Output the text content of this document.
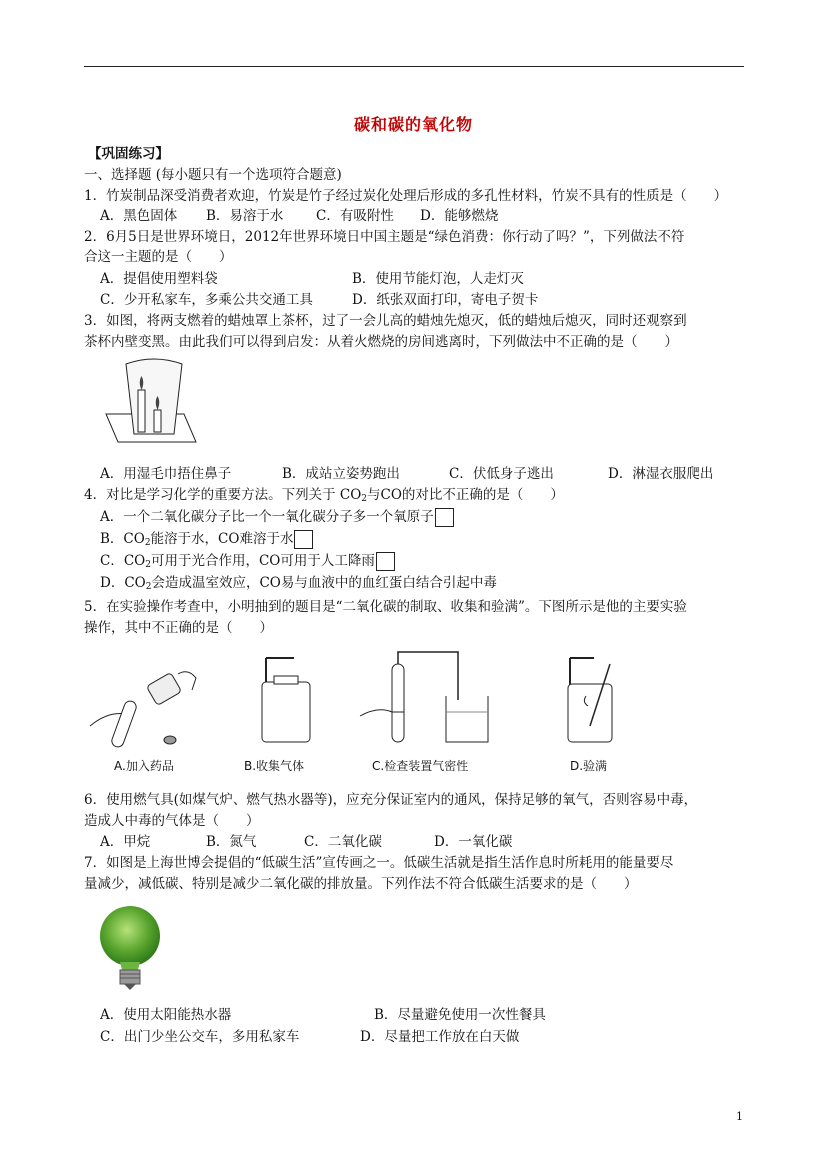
碳和碳的氧化物
【巩固练习】
一、选择题 (每小题只有一个选项符合题意)
1．竹炭制品深受消费者欢迎，竹炭是竹子经过炭化处理后形成的多孔性材料，竹炭不具有的性质是（　　）
A．黑色固体 B．易溶于水 C．有吸附性 D．能够燃烧
2．6月5日是世界环境日，2012年世界环境日中国主题是“绿色消费：你行动了吗？”，下列做法不符
合这一主题的是（　　）
A．提倡使用塑料袋	B．使用节能灯泡，人走灯灭
C．少开私家车，多乘公共交通工具	D．纸张双面打印，寄电子贺卡
3．如图，将两支燃着的蜡烛罩上茶杯，过了一会儿高的蜡烛先熄灭，低的蜡烛后熄灭，同时还观察到
茶杯内壁变黑。由此我们可以得到启发：从着火燃烧的房间逃离时，下列做法中不正确的是（　　）
A．用湿毛巾捂住鼻子	B．成站立姿势跑出	C．伏低身子逃出	D．淋湿衣服爬出
4．对比是学习化学的重要方法。下列关于 $CO_2$与CO的对比不正确的是（　　）
A．一个二氧化碳分子比一个一氧化碳分子多一个氧原子
B．$CO_2$能溶于水，CO难溶于水
C．$CO_2$可用于光合作用，CO可用于人工降雨
D．$CO_2$会造成温室效应，CO易与血液中的血红蛋白结合引起中毒
5．在实验操作考查中，小明抽到的题目是“二氧化碳的制取、收集和验满”。下图所示是他的主要实验
操作，其中不正确的是（　　）
A.加入药品	B.收集气体	C.检查装置气密性	D.验满
6．使用燃气具(如煤气炉、燃气热水器等)，应充分保证室内的通风，保持足够的氧气，否则容易中毒，
造成人中毒的气体是（　　）
A．甲烷	B．氮气	C．二氧化碳	D．一氧化碳
7．如图是上海世博会提倡的“低碳生活”宣传画之一。低碳生活就是指生活作息时所耗用的能量要尽
量减少，减低碳、特别是减少二氧化碳的排放量。下列作法不符合低碳生活要求的是（　　）
A．使用太阳能热水器	B．尽量避免使用一次性餐具
C．出门少坐公交车，多用私家车	D．尽量把工作放在白天做
1
